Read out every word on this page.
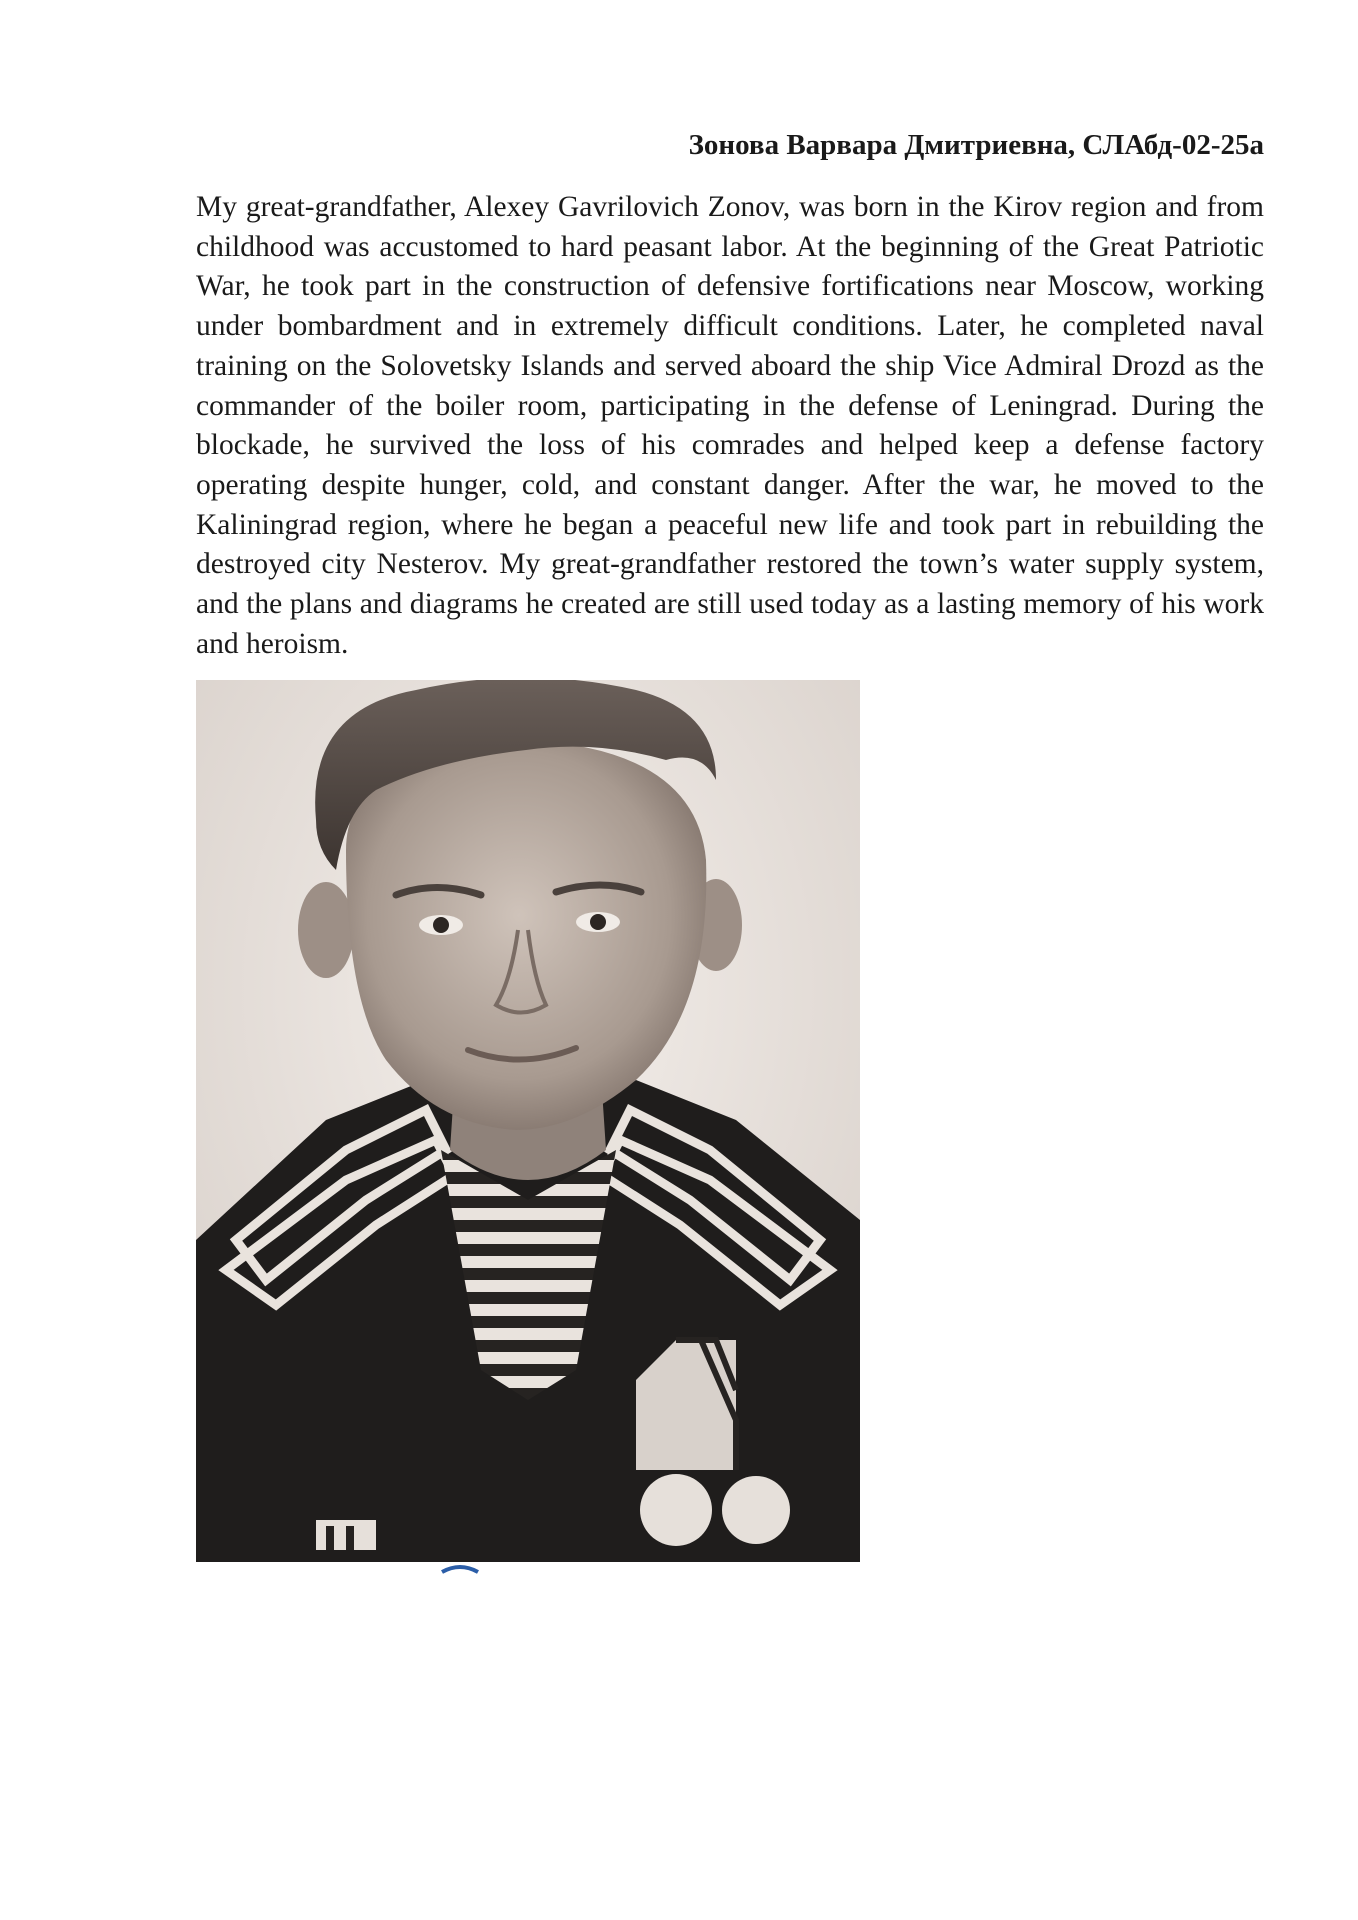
Зонова Варвара Дмитриевна, СЛАбд-02-25а

My great-grandfather, Alexey Gavrilovich Zonov, was born in the Kirov region and from childhood was accustomed to hard peasant labor. At the beginning of the Great Patriotic War, he took part in the construction of defensive fortifications near Moscow, working under bombardment and in extremely difficult conditions. Later, he completed naval training on the Solovetsky Islands and served aboard the ship Vice Admiral Drozd as the commander of the boiler room, participating in the defense of Leningrad. During the blockade, he survived the loss of his comrades and helped keep a defense factory operating despite hunger, cold, and constant danger. After the war, he moved to the Kaliningrad region, where he began a peaceful new life and took part in rebuilding the destroyed city Nesterov. My great-grandfather restored the town’s water supply system, and the plans and diagrams he created are still used today as a lasting memory of his work and heroism.
